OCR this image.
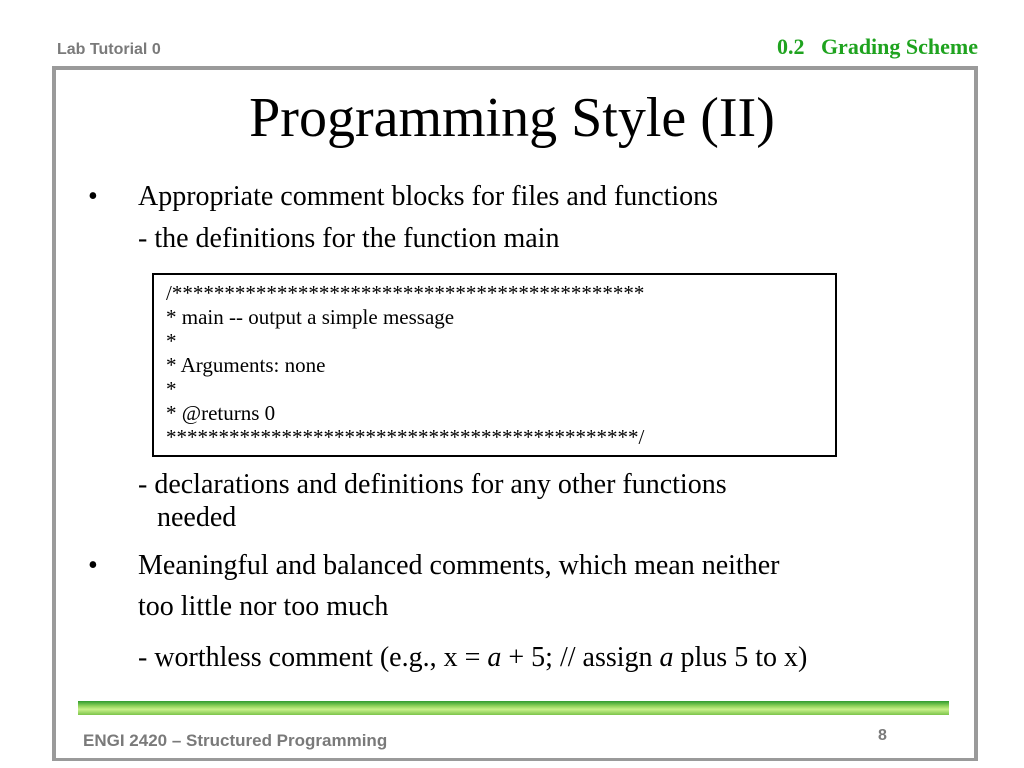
Lab Tutorial 0	0.2   Grading Scheme
Programming Style (II)
• Appropriate comment blocks for files and functions
- the definitions for the function main
/*********************************************
* main -- output a simple message
*
* Arguments: none
*
* @returns 0
*********************************************/
- declarations and definitions for any other functions
needed
• Meaningful and balanced comments, which mean neither
too little nor too much
- worthless comment (e.g., x = a + 5; // assign a plus 5 to x)
ENGI 2420 – Structured Programming	8
